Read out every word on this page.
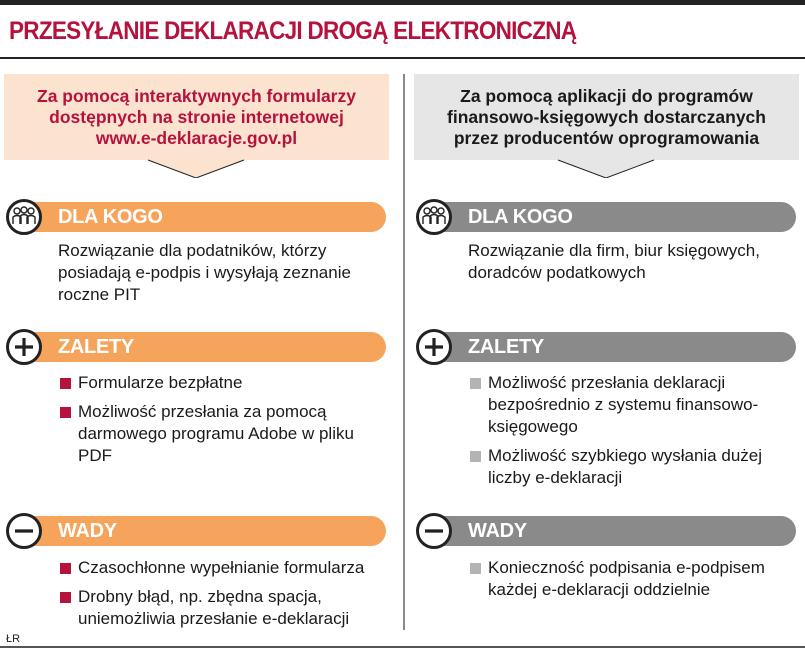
PRZESYŁANIE DEKLARACJI DROGĄ ELEKTRONICZNĄ
Za pomocą interaktywnych formularzy
dostępnych na stronie internetowej
www.e-deklaracje.gov.pl
DLA KOGO
Rozwiązanie dla podatników, którzy posiadają e-podpis i wysyłają zeznanie roczne PIT
ZALETY
Formularze bezpłatne
Możliwość przesłania za pomocą darmowego programu Adobe w pliku PDF
WADY
Czasochłonne wypełnianie formularza
Drobny błąd, np. zbędna spacja, uniemożliwia przesłanie e-deklaracji
Za pomocą aplikacji do programów
finansowo-księgowych dostarczanych
przez producentów oprogramowania
DLA KOGO
Rozwiązanie dla firm, biur księgowych, doradców podatkowych
ZALETY
Możliwość przesłania deklaracji bezpośrednio z systemu finansowo-księgowego
Możliwość szybkiego wysłania dużej liczby e-deklaracji
WADY
Konieczność podpisania e-podpisem każdej e-deklaracji oddzielnie
ŁR
